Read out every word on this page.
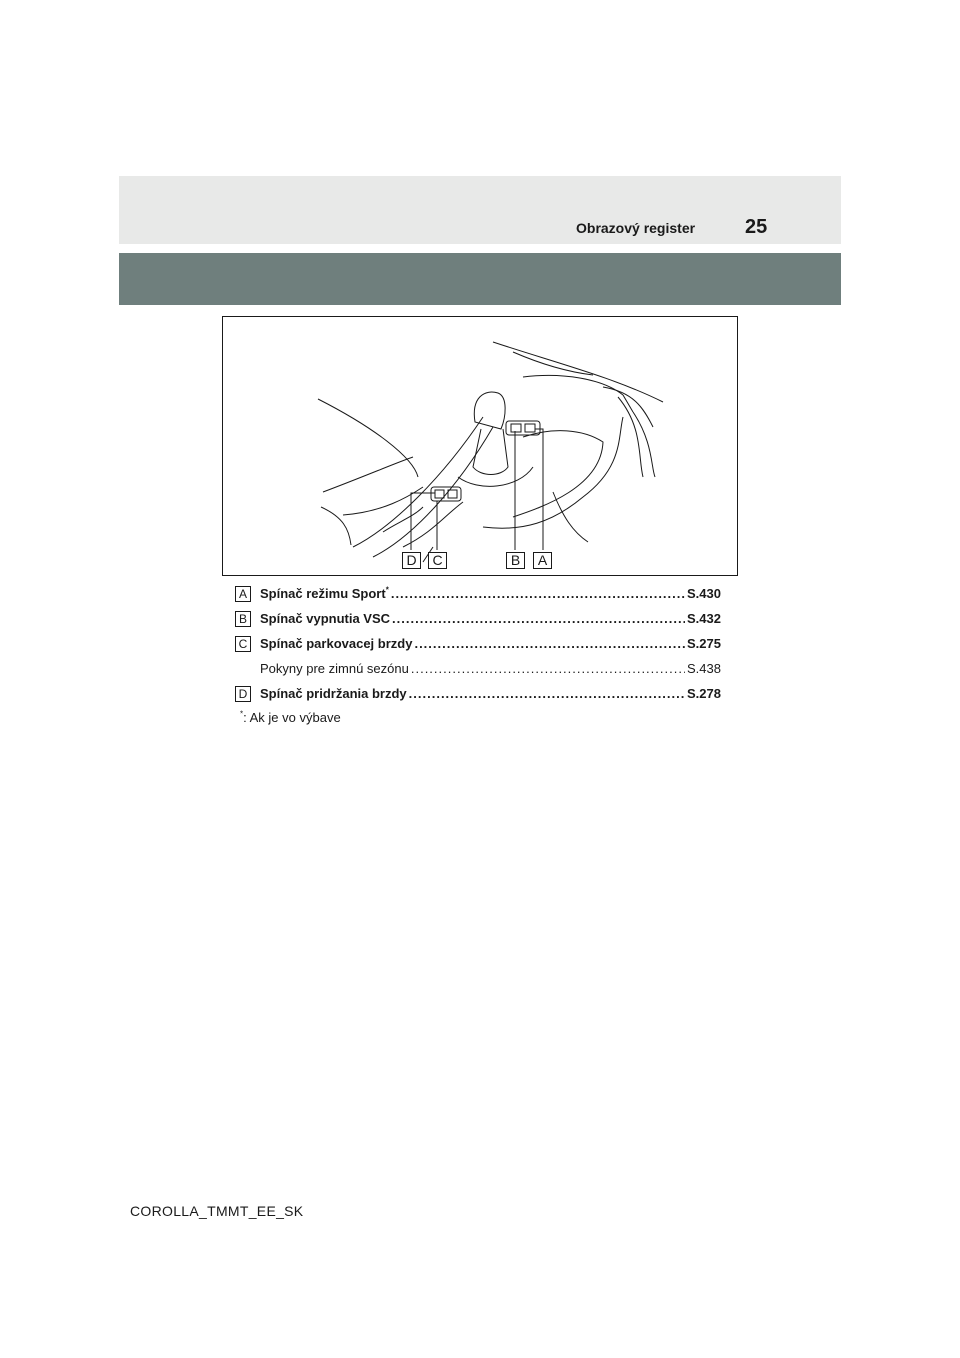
Obrazový register 25
D	C	B	A
A	Spínač režimu Sport* .....	S.430
B	Spínač vypnutia VSC .....	S.432
C Spínač parkovacej brzdy .....	S.275
Pokyny pre zimnú sezónu .....	S.438
D Spínač pridržania brzdy .....	S.278
*: Ak je vo výbave
COROLLA_TMMT_EE_SK
